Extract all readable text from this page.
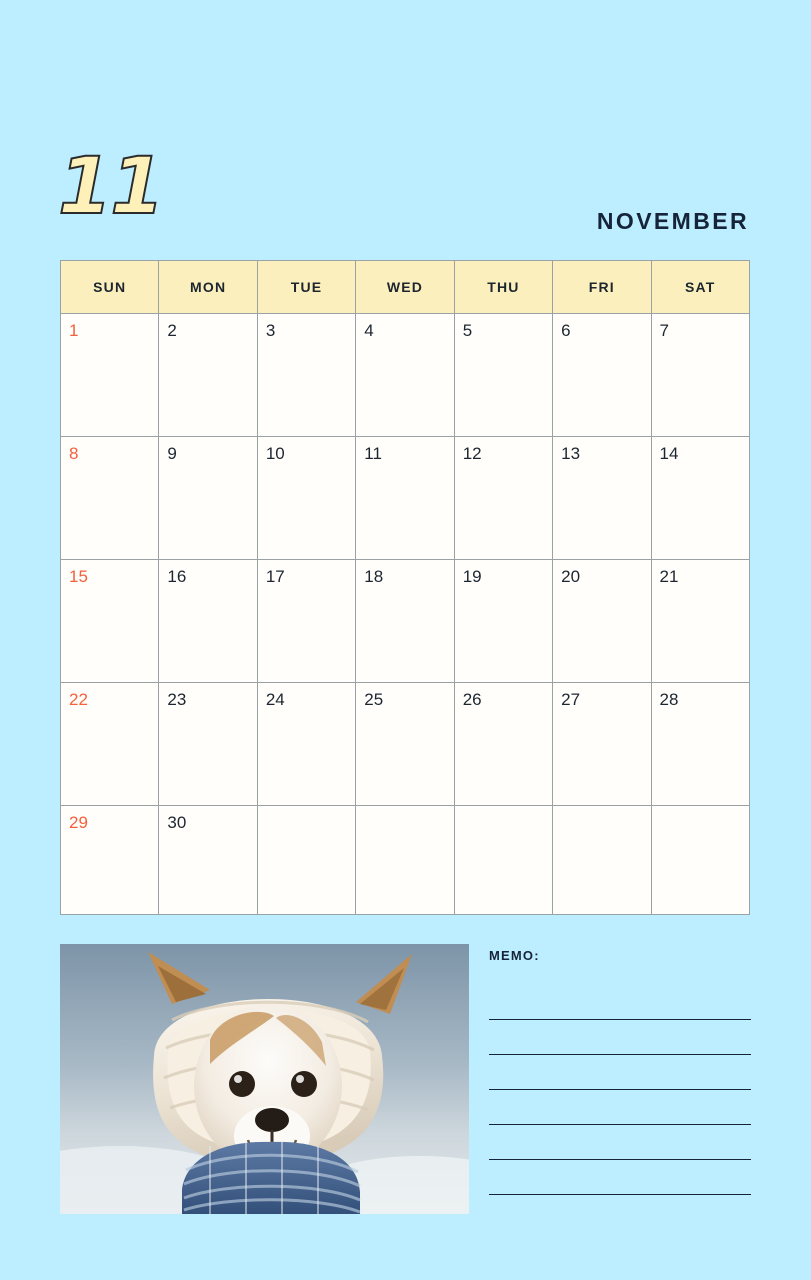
11	NOVEMBER
SUN	MON	TUE	WED	THU	FRI	SAT

1	2	3	4	5	6	7

8	9	10	11	12	13	14

15	16	17	18	19	20	21

22	23	24	25	26	27	28

29	30					

MEMO:
